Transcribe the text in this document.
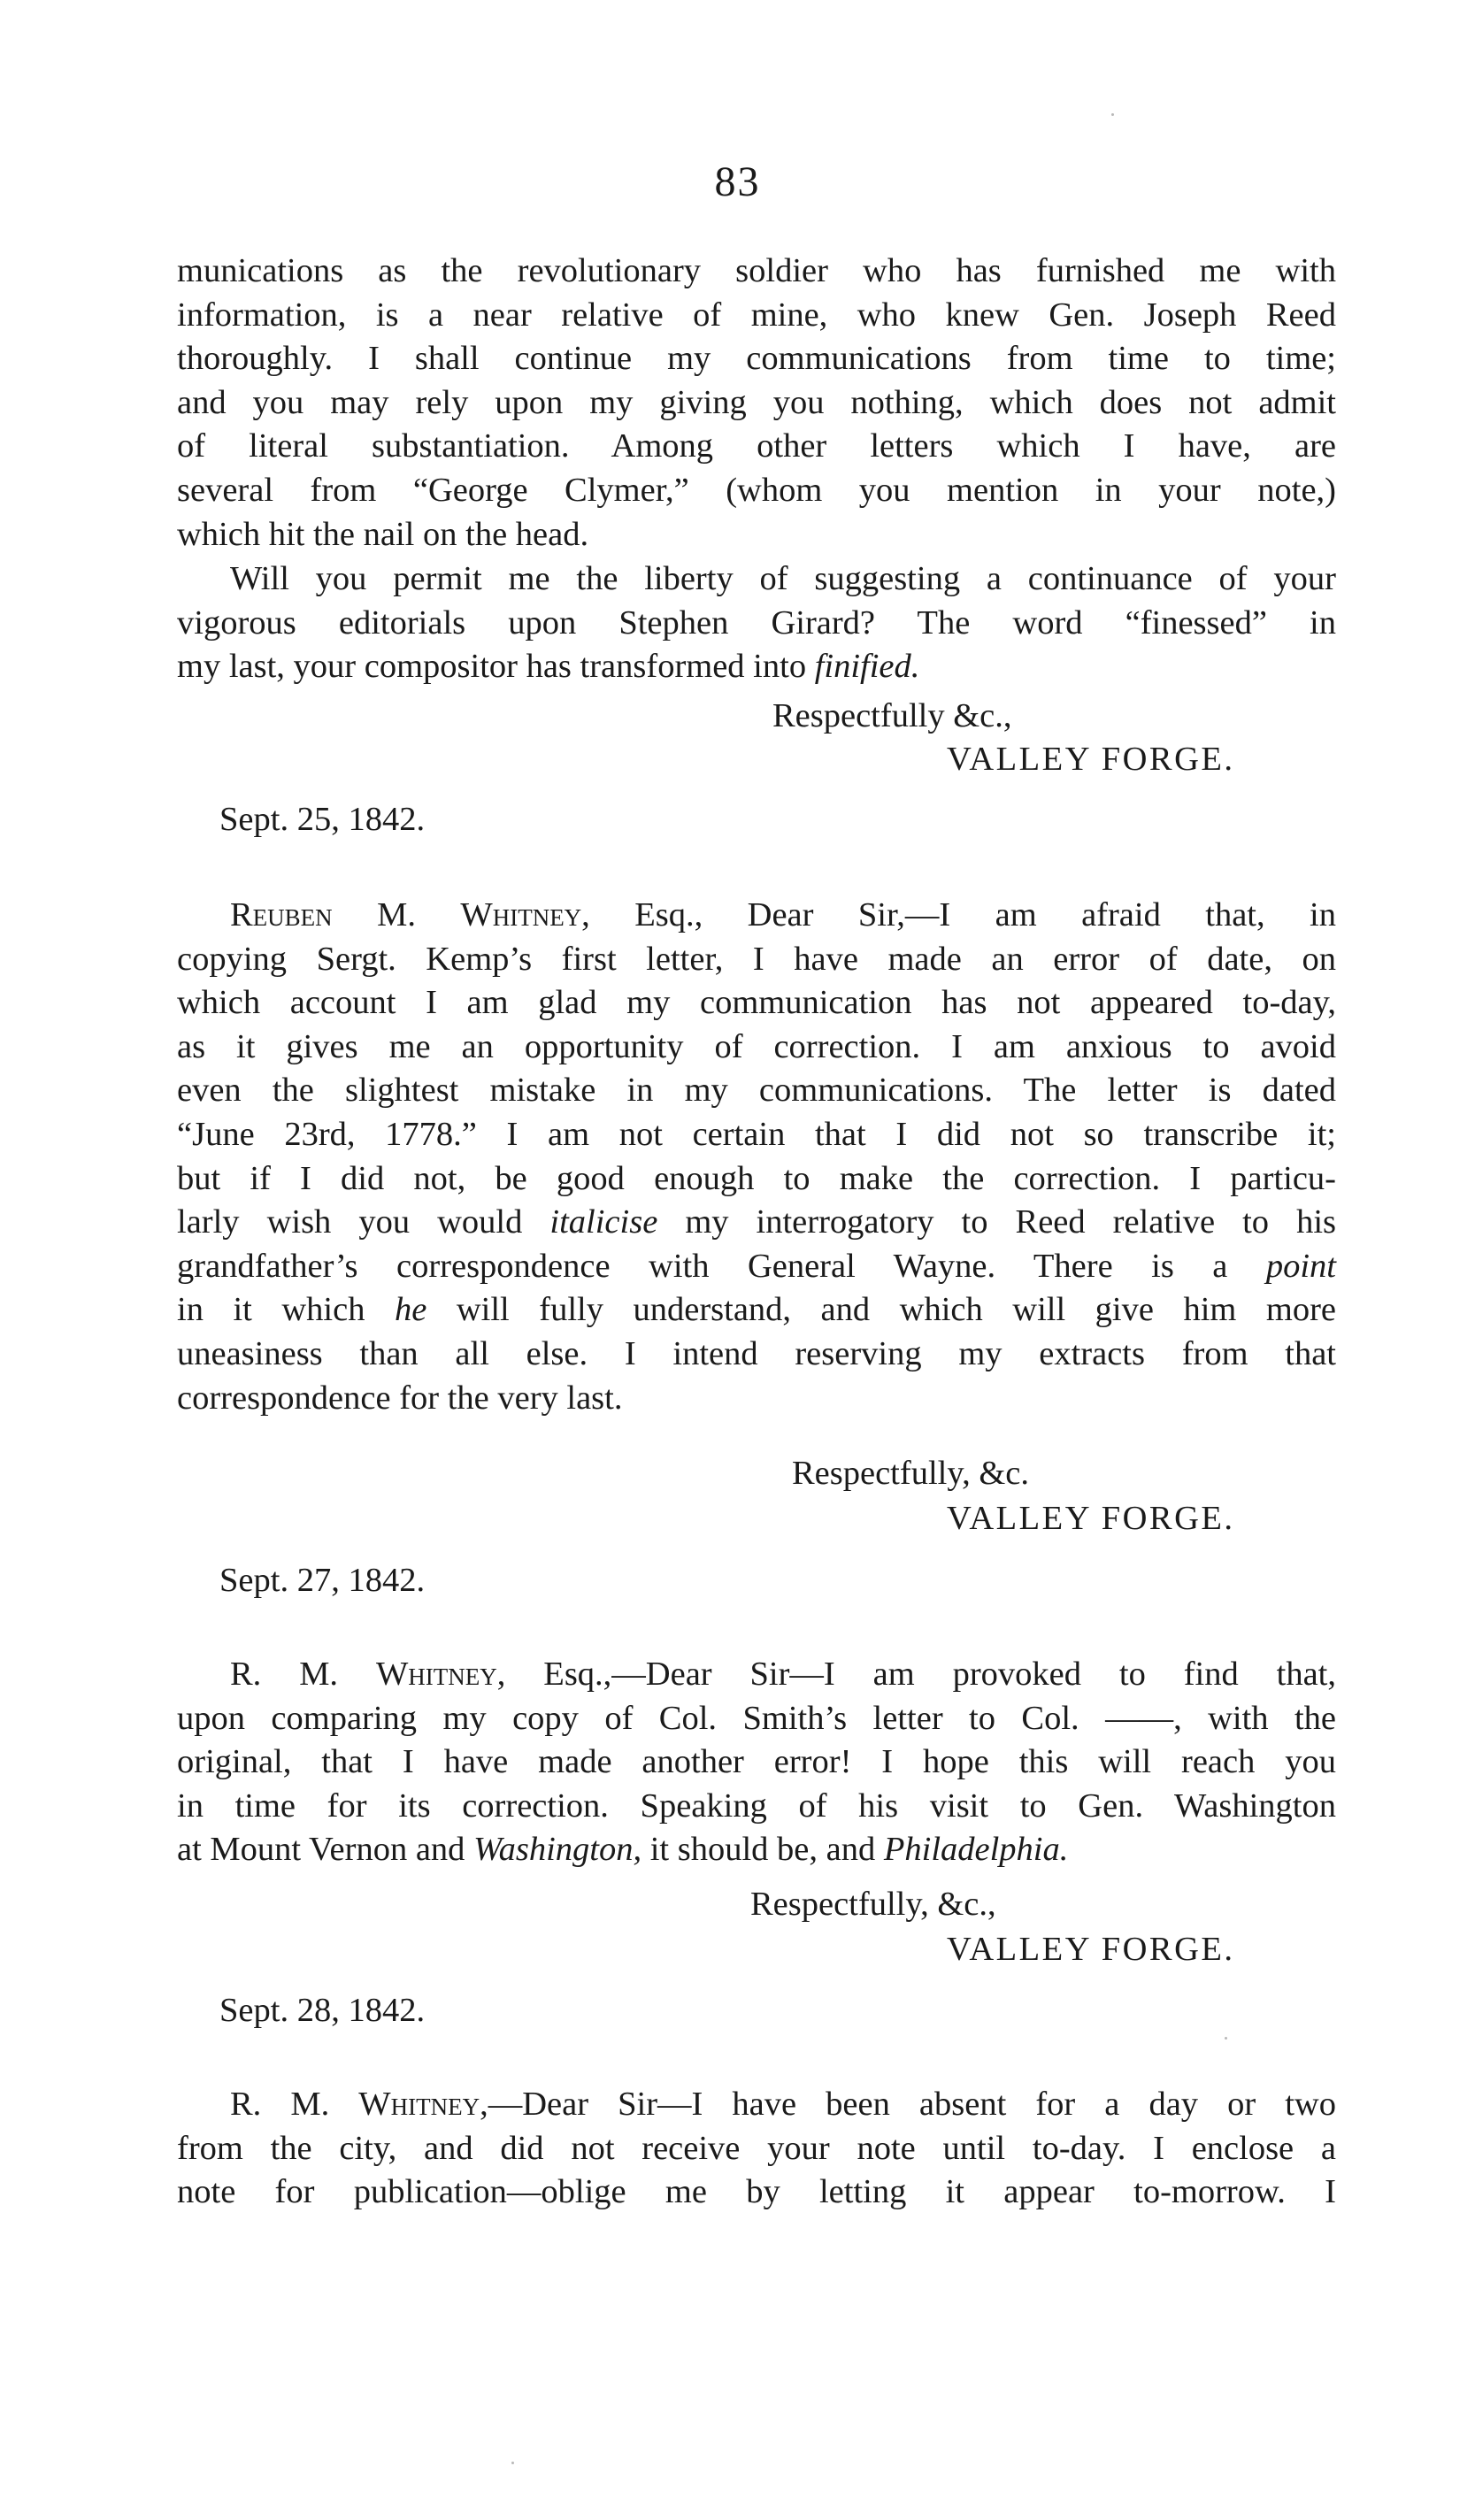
83
munications as the revolutionary soldier who has furnished me with
information, is a near relative of mine, who knew Gen. Joseph Reed
thoroughly. I shall continue my communications from time to time;
and you may rely upon my giving you nothing, which does not admit
of literal substantiation. Among other letters which I have, are
several from “George Clymer,” (whom you mention in your note,)
which hit the nail on the head.
Will you permit me the liberty of suggesting a continuance of your
vigorous editorials upon Stephen Girard? The word “finessed” in
my last, your compositor has transformed into finified.
Respectfully &c.,
VALLEY FORGE.
Sept. 25, 1842.
Reuben M. Whitney, Esq., Dear Sir,—I am afraid that, in
copying Sergt. Kemp’s first letter, I have made an error of date, on
which account I am glad my communication has not appeared to-day,
as it gives me an opportunity of correction. I am anxious to avoid
even the slightest mistake in my communications. The letter is dated
“June 23rd, 1778.” I am not certain that I did not so transcribe it;
but if I did not, be good enough to make the correction. I particu-
larly wish you would italicise my interrogatory to Reed relative to his
grandfather’s correspondence with General Wayne. There is a point
in it which he will fully understand, and which will give him more
uneasiness than all else. I intend reserving my extracts from that
correspondence for the very last.
Respectfully, &c.
VALLEY FORGE.
Sept. 27, 1842.
R. M. Whitney, Esq.,—Dear Sir—I am provoked to find that,
upon comparing my copy of Col. Smith’s letter to Col. ——, with the
original, that I have made another error! I hope this will reach you
in time for its correction. Speaking of his visit to Gen. Washington
at Mount Vernon and Washington, it should be, and Philadelphia.
Respectfully, &c.,
VALLEY FORGE.
Sept. 28, 1842.
R. M. Whitney,—Dear Sir—I have been absent for a day or two
from the city, and did not receive your note until to-day. I enclose a
note for publication—oblige me by letting it appear to-morrow. I
